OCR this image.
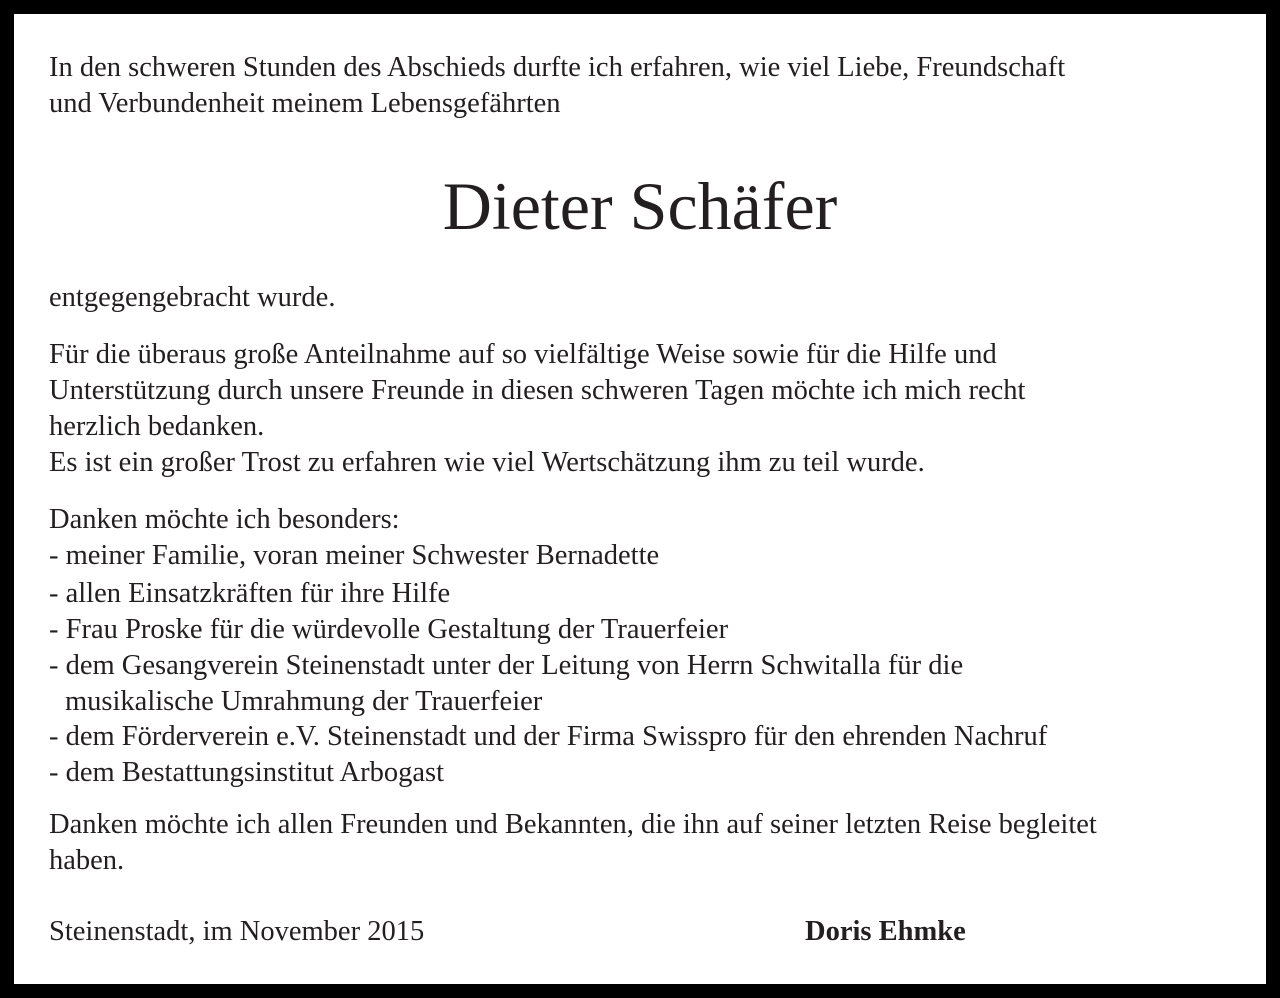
In den schweren Stunden des Abschieds durfte ich erfahren, wie viel Liebe, Freundschaft
und Verbundenheit meinem Lebensgefährten
Dieter Schäfer
entgegengebracht wurde.
Für die überaus große Anteilnahme auf so vielfältige Weise sowie für die Hilfe und
Unterstützung durch unsere Freunde in diesen schweren Tagen möchte ich mich recht
herzlich bedanken.
Es ist ein großer Trost zu erfahren wie viel Wertschätzung ihm zu teil wurde.
Danken möchte ich besonders:
- meiner Familie, voran meiner Schwester Bernadette
- allen Einsatzkräften für ihre Hilfe
- Frau Proske für die würdevolle Gestaltung der Trauerfeier
- dem Gesangverein Steinenstadt unter der Leitung von Herrn Schwitalla für die
musikalische Umrahmung der Trauerfeier
- dem Förderverein e.V. Steinenstadt und der Firma Swisspro für den ehrenden Nachruf
- dem Bestattungsinstitut Arbogast
Danken möchte ich allen Freunden und Bekannten, die ihn auf seiner letzten Reise begleitet
haben.
Steinenstadt, im November 2015	Doris Ehmke
